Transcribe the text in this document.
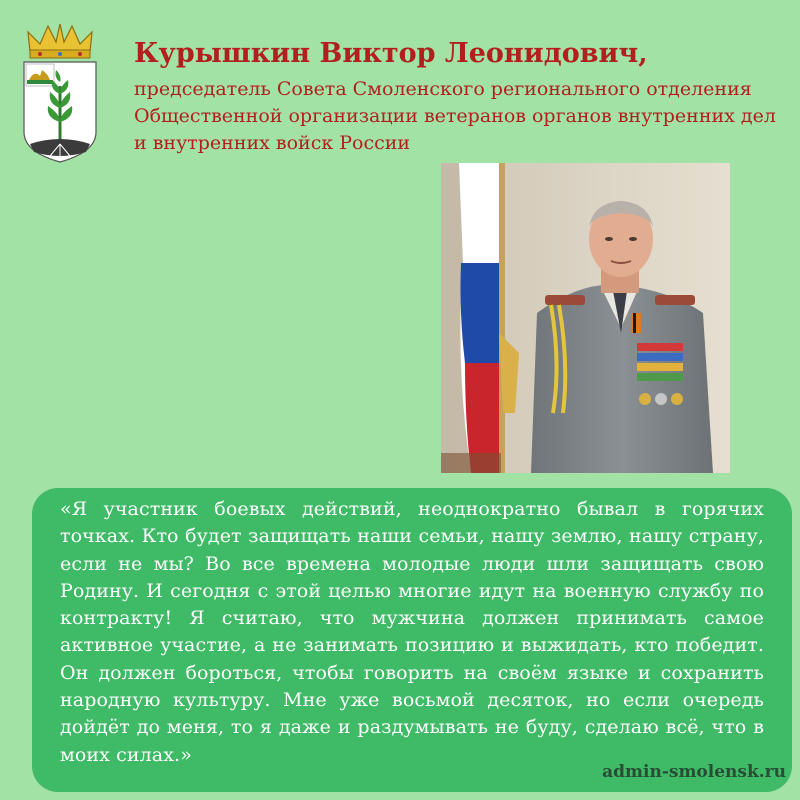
Курышкин Виктор Леонидович,
председатель Совета Смоленского регионального отделения
Общественной организации ветеранов органов внутренних дел
и внутренних войск России

«Я участник боевых действий, неоднократно бывал в горячих точках. Кто будет защищать наши семьи, нашу землю, нашу страну, если не мы? Во все времена молодые люди шли защищать свою Родину. И сегодня с этой целью многие идут на военную службу по контракту! Я считаю, что мужчина должен принимать самое активное участие, а не занимать позицию и выжидать, кто победит. Он должен бороться, чтобы говорить на своём языке и сохранить народную культуру. Мне уже восьмой десяток, но если очередь дойдёт до меня, то я даже и раздумывать не буду, сделаю всё, что в моих силах.»

admin-smolensk.ru
